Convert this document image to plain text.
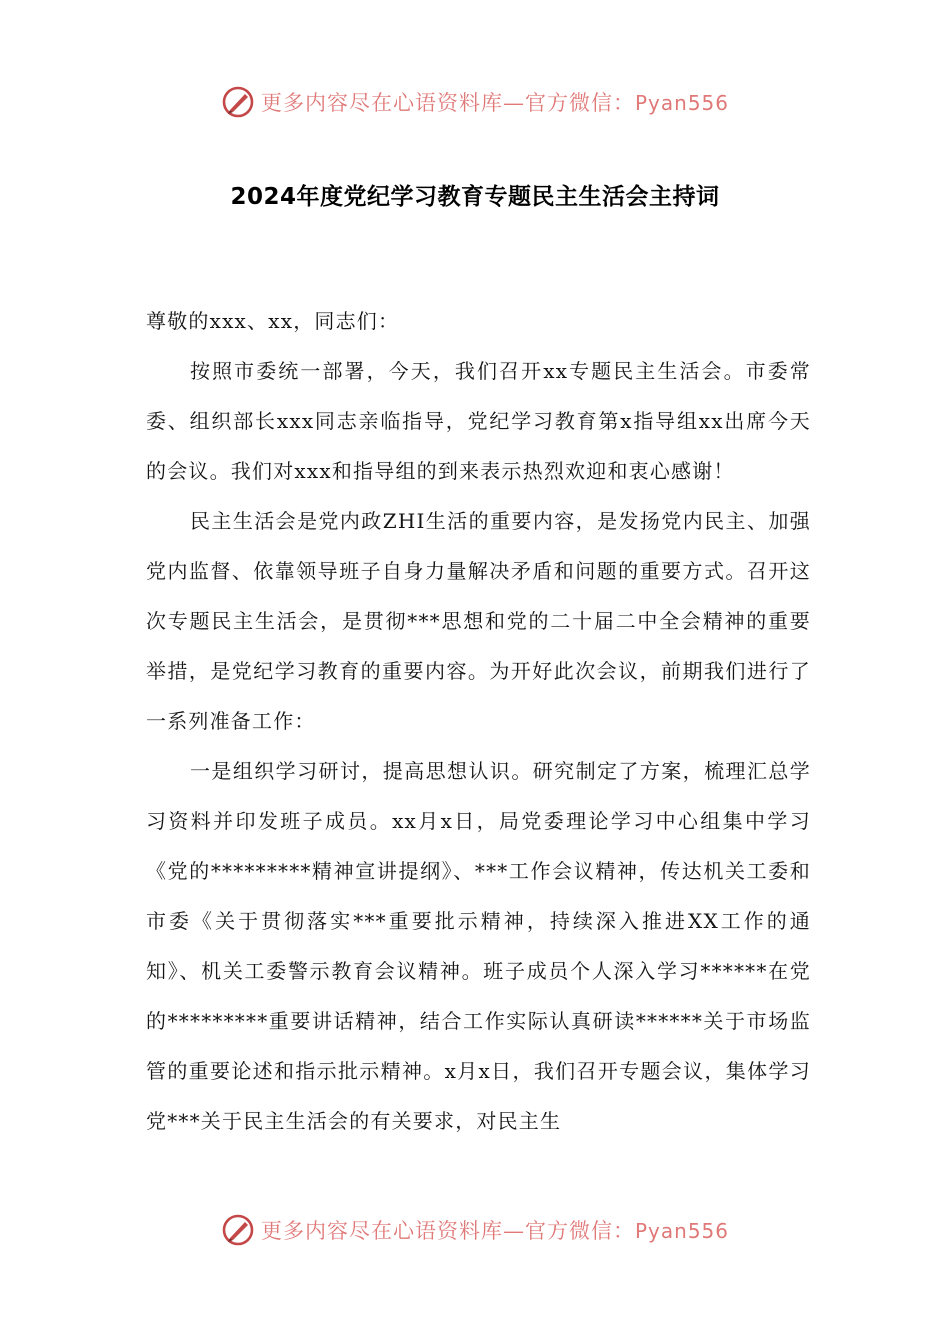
更多内容尽在心语资料库—官方微信：Pyan556
2024年度党纪学习教育专题民主生活会主持词

尊敬的xxx、xx，同志们：

按照市委统一部署，今天，我们召开xx专题民主生活会。市委常委、组织部长xxx同志亲临指导，党纪学习教育第x指导组xx出席今天的会议。我们对xxx和指导组的到来表示热烈欢迎和衷心感谢！

民主生活会是党内政ZHI生活的重要内容，是发扬党内民主、加强党内监督、依靠领导班子自身力量解决矛盾和问题的重要方式。召开这次专题民主生活会，是贯彻***思想和党的二十届二中全会精神的重要举措，是党纪学习教育的重要内容。为开好此次会议，前期我们进行了一系列准备工作：

一是组织学习研讨，提高思想认识。研究制定了方案，梳理汇总学习资料并印发班子成员。xx月x日，局党委理论学习中心组集中学习《党的*********精神宣讲提纲》、***工作会议精神，传达机关工委和市委《关于贯彻落实***重要批示精神，持续深入推进XX工作的通知》、机关工委警示教育会议精神。班子成员个人深入学习******在党的*********重要讲话精神，结合工作实际认真研读******关于市场监管的重要论述和指示批示精神。x月x日，我们召开专题会议，集体学习党***关于民主生活会的有关要求，对民主生

更多内容尽在心语资料库—官方微信：Pyan556
